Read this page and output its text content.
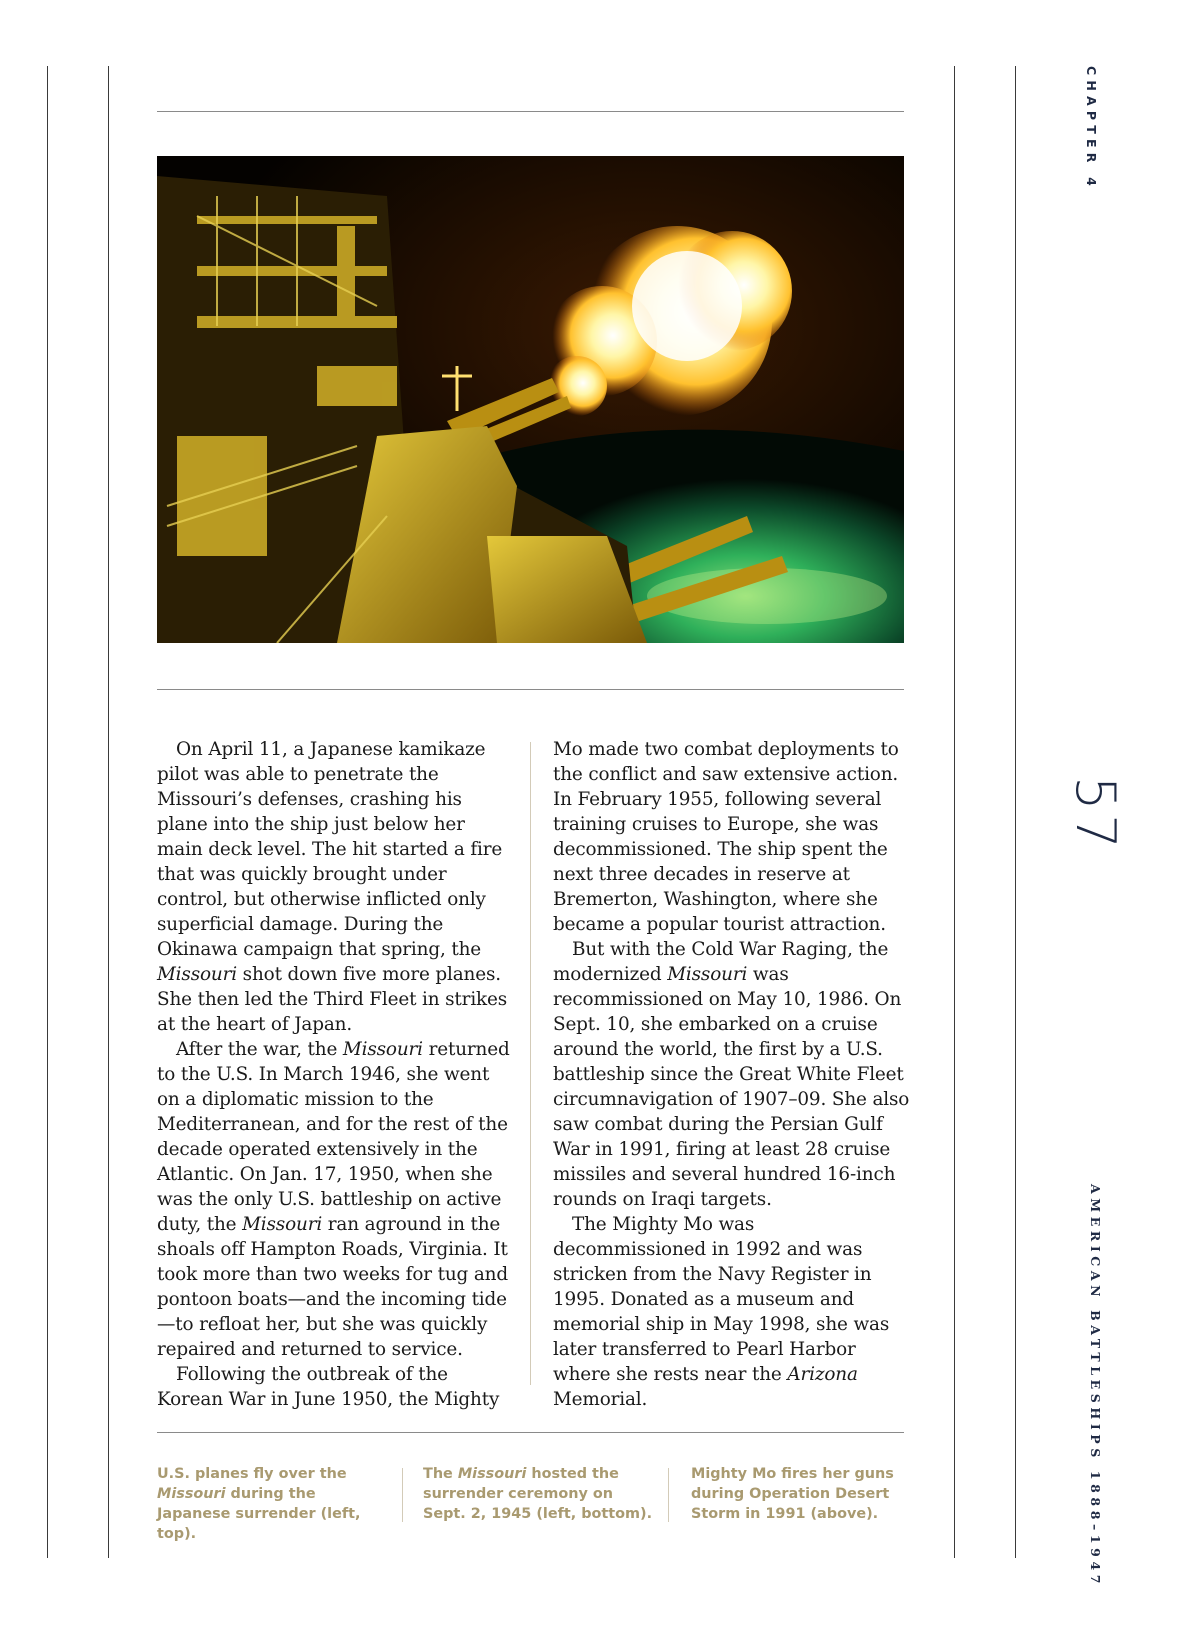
On April 11, a Japanese kamikaze pilot was able to penetrate the Missouri’s defenses, crashing his plane into the ship just below her main deck level. The hit started a fire that was quickly brought under control, but otherwise inflicted only superficial damage. During the Okinawa campaign that spring, the Missouri shot down five more planes. She then led the Third Fleet in strikes at the heart of Japan.

After the war, the Missouri returned to the U.S. In March 1946, she went on a diplomatic mission to the Mediterranean, and for the rest of the decade operated extensively in the Atlantic. On Jan. 17, 1950, when she was the only U.S. battleship on active duty, the Missouri ran aground in the shoals off Hampton Roads, Virginia. It took more than two weeks for tug and pontoon boats—and the incoming tide—to refloat her, but she was quickly repaired and returned to service.

Following the outbreak of the Korean War in June 1950, the Mighty

Mo made two combat deployments to the conflict and saw extensive action. In February 1955, following several training cruises to Europe, she was decommissioned. The ship spent the next three decades in reserve at Bremerton, Washington, where she became a popular tourist attraction.

But with the Cold War Raging, the modernized Missouri was recommissioned on May 10, 1986. On Sept. 10, she embarked on a cruise around the world, the first by a U.S. battleship since the Great White Fleet circumnavigation of 1907–09. She also saw combat during the Persian Gulf War in 1991, firing at least 28 cruise missiles and several hundred 16-inch rounds on Iraqi targets.

The Mighty Mo was decommissioned in 1992 and was stricken from the Navy Register in 1995. Donated as a museum and memorial ship in May 1998, she was later transferred to Pearl Harbor where she rests near the Arizona Memorial.

U.S. planes fly over the Missouri during the Japanese surrender (left, top).
The Missouri hosted the surrender ceremony on Sept. 2, 1945 (left, bottom).
Mighty Mo fires her guns during Operation Desert Storm in 1991 (above).
CHAPTER 4
57
AMERICAN BATTLESHIPS 1888–1947
